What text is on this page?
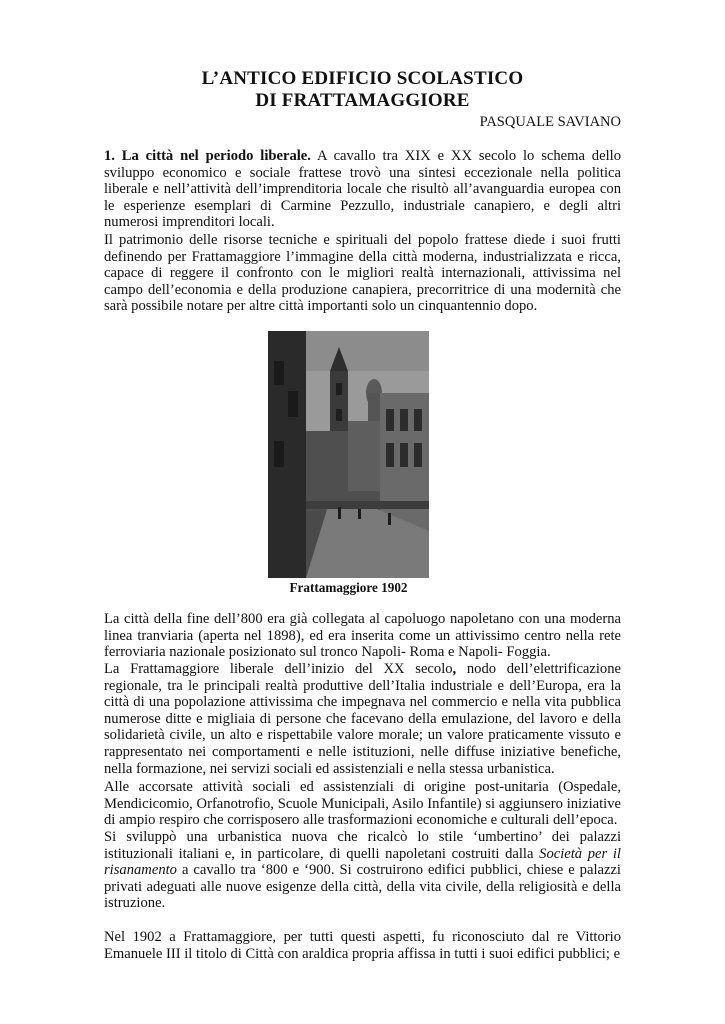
L’ANTICO EDIFICIO SCOLASTICO
DI FRATTAMAGGIORE
PASQUALE SAVIANO

1. La città nel periodo liberale. A cavallo tra XIX e XX secolo lo schema dello sviluppo economico e sociale frattese trovò una sintesi eccezionale nella politica liberale e nell’attività dell’imprenditoria locale che risultò all’avanguardia europea con le esperienze esemplari di Carmine Pezzullo, industriale canapiero, e degli altri numerosi imprenditori locali.

Il patrimonio delle risorse tecniche e spirituali del popolo frattese diede i suoi frutti definendo per Frattamaggiore l’immagine della città moderna, industrializzata e ricca, capace di reggere il confronto con le migliori realtà internazionali, attivissima nel campo dell’economia e della produzione canapiera, precorritrice di una modernità che sarà possibile notare per altre città importanti solo un cinquantennio dopo.

Frattamaggiore 1902

La città della fine dell’800 era già collegata al capoluogo napoletano con una moderna linea tranviaria (aperta nel 1898), ed era inserita come un attivissimo centro nella rete ferroviaria nazionale posizionato sul tronco Napoli- Roma e Napoli- Foggia.

La Frattamaggiore liberale dell’inizio del XX secolo, nodo dell’elettrificazione regionale, tra le principali realtà produttive dell’Italia industriale e dell’Europa, era la città di una popolazione attivissima che impegnava nel commercio e nella vita pubblica numerose ditte e migliaia di persone che facevano della emulazione, del lavoro e della solidarietà civile, un alto e rispettabile valore morale; un valore praticamente vissuto e rappresentato nei comportamenti e nelle istituzioni, nelle diffuse iniziative benefiche, nella formazione, nei servizi sociali ed assistenziali e nella stessa urbanistica.

Alle accorsate attività sociali ed assistenziali di origine post-unitaria (Ospedale, Mendicicomio, Orfanotrofio, Scuole Municipali, Asilo Infantile) si aggiunsero iniziative di ampio respiro che corrisposero alle trasformazioni economiche e culturali dell’epoca.

Si sviluppò una urbanistica nuova che ricalcò lo stile ‘umbertino’ dei palazzi istituzionali italiani e, in particolare, di quelli napoletani costruiti dalla Società per il risanamento a cavallo tra ‘800 e ‘900. Si costruirono edifici pubblici, chiese e palazzi privati adeguati alle nuove esigenze della città, della vita civile, della religiosità e della istruzione.

Nel 1902 a Frattamaggiore, per tutti questi aspetti, fu riconosciuto dal re Vittorio Emanuele III il titolo di Città con araldica propria affissa in tutti i suoi edifici pubblici; e
